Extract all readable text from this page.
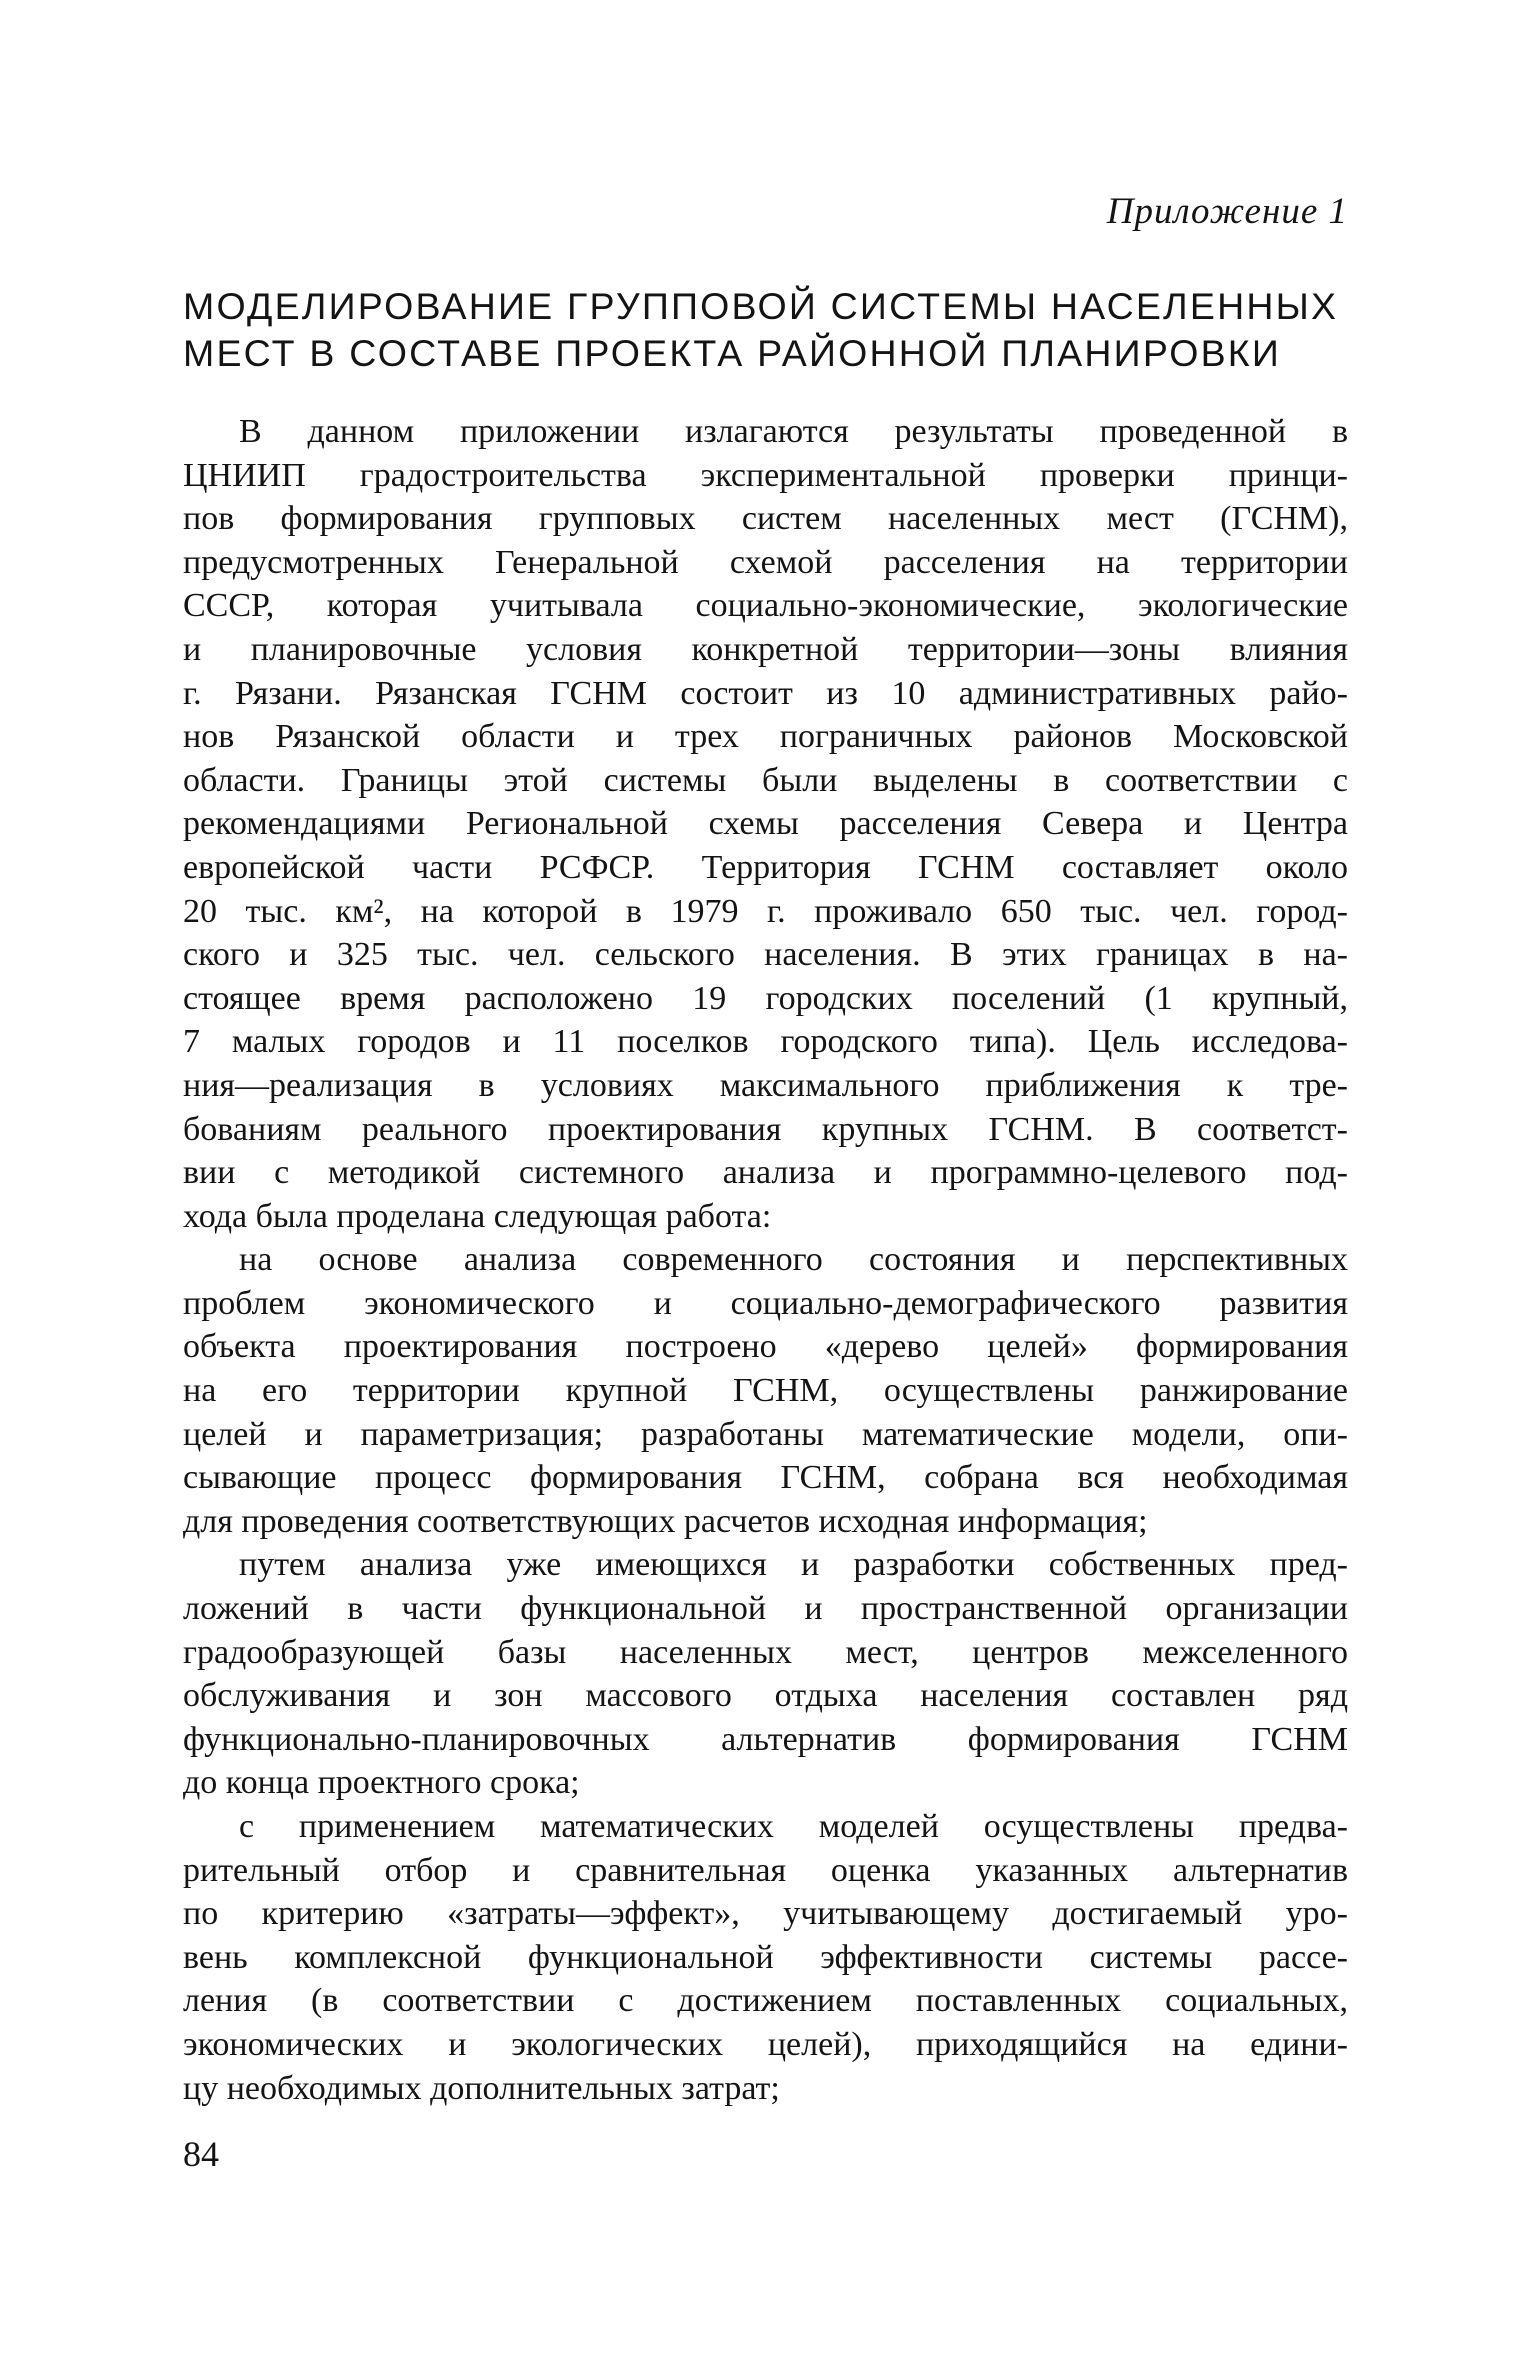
Приложение 1
МОДЕЛИРОВАНИЕ ГРУППОВОЙ СИСТЕМЫ НАСЕЛЕННЫХ
МЕСТ В СОСТАВЕ ПРОЕКТА РАЙОННОЙ ПЛАНИРОВКИ

В данном приложении излагаются результаты проведенной в
ЦНИИП градостроительства экспериментальной проверки принци-
пов формирования групповых систем населенных мест (ГСНМ),
предусмотренных Генеральной схемой расселения на территории
СССР, которая учитывала социально-экономические, экологические
и планировочные условия конкретной территории—зоны влияния
г. Рязани. Рязанская ГСНМ состоит из 10 административных райо-
нов Рязанской области и трех пограничных районов Московской
области. Границы этой системы были выделены в соответствии с
рекомендациями Региональной схемы расселения Севера и Центра
европейской части РСФСР. Территория ГСНМ составляет около
20 тыс. км², на которой в 1979 г. проживало 650 тыс. чел. город-
ского и 325 тыс. чел. сельского населения. В этих границах в на-
стоящее время расположено 19 городских поселений (1 крупный,
7 малых городов и 11 поселков городского типа). Цель исследова-
ния—реализация в условиях максимального приближения к тре-
бованиям реального проектирования крупных ГСНМ. В соответст-
вии с методикой системного анализа и программно-целевого под-
хода была проделана следующая работа:

на основе анализа современного состояния и перспективных
проблем экономического и социально-демографического развития
объекта проектирования построено «дерево целей» формирования
на его территории крупной ГСНМ, осуществлены ранжирование
целей и параметризация; разработаны математические модели, опи-
сывающие процесс формирования ГСНМ, собрана вся необходимая
для проведения соответствующих расчетов исходная информация;

путем анализа уже имеющихся и разработки собственных пред-
ложений в части функциональной и пространственной организации
градообразующей базы населенных мест, центров межселенного
обслуживания и зон массового отдыха населения составлен ряд
функционально-планировочных альтернатив формирования ГСНМ
до конца проектного срока;

с применением математических моделей осуществлены предва-
рительный отбор и сравнительная оценка указанных альтернатив
по критерию «затраты—эффект», учитывающему достигаемый уро-
вень комплексной функциональной эффективности системы рассе-
ления (в соответствии с достижением поставленных социальных,
экономических и экологических целей), приходящийся на едини-
цу необходимых дополнительных затрат;

84
